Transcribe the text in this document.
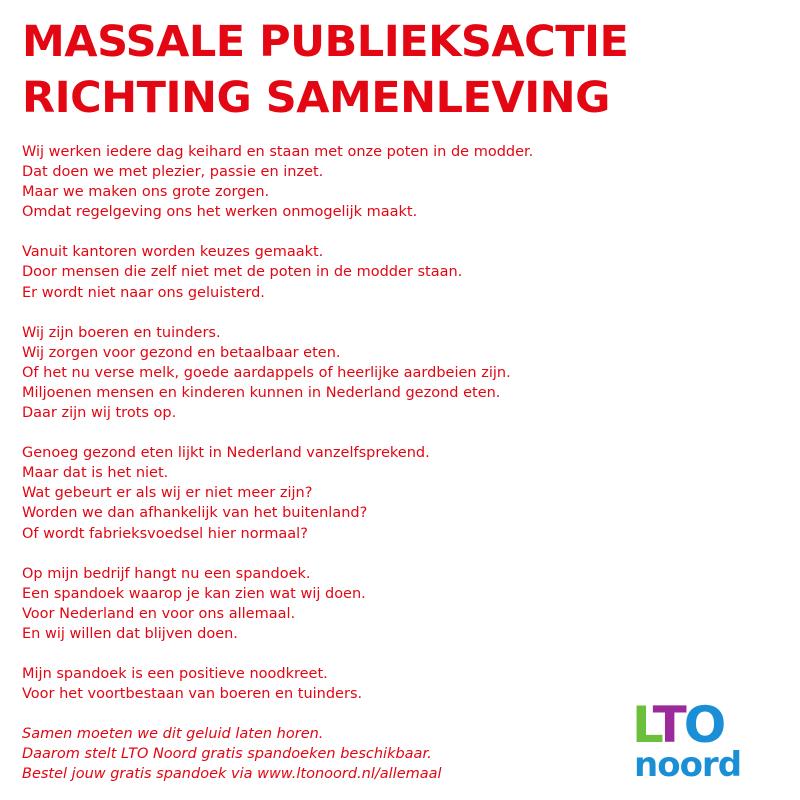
MASSALE PUBLIEKSACTIE
RICHTING SAMENLEVING
Wij werken iedere dag keihard en staan met onze poten in de modder.
Dat doen we met plezier, passie en inzet.
Maar we maken ons grote zorgen.
Omdat regelgeving ons het werken onmogelijk maakt.
Vanuit kantoren worden keuzes gemaakt.
Door mensen die zelf niet met de poten in de modder staan.
Er wordt niet naar ons geluisterd.
Wij zijn boeren en tuinders.
Wij zorgen voor gezond en betaalbaar eten.
Of het nu verse melk, goede aardappels of heerlijke aardbeien zijn.
Miljoenen mensen en kinderen kunnen in Nederland gezond eten.
Daar zijn wij trots op.
Genoeg gezond eten lijkt in Nederland vanzelfsprekend.
Maar dat is het niet.
Wat gebeurt er als wij er niet meer zijn?
Worden we dan afhankelijk van het buitenland?
Of wordt fabrieksvoedsel hier normaal?
Op mijn bedrijf hangt nu een spandoek.
Een spandoek waarop je kan zien wat wij doen.
Voor Nederland en voor ons allemaal.
En wij willen dat blijven doen.
Mijn spandoek is een positieve noodkreet.
Voor het voortbestaan van boeren en tuinders.
Samen moeten we dit geluid laten horen.
Daarom stelt LTO Noord gratis spandoeken beschikbaar.
Bestel jouw gratis spandoek via www.ltonoord.nl/allemaal
LTO
noord
